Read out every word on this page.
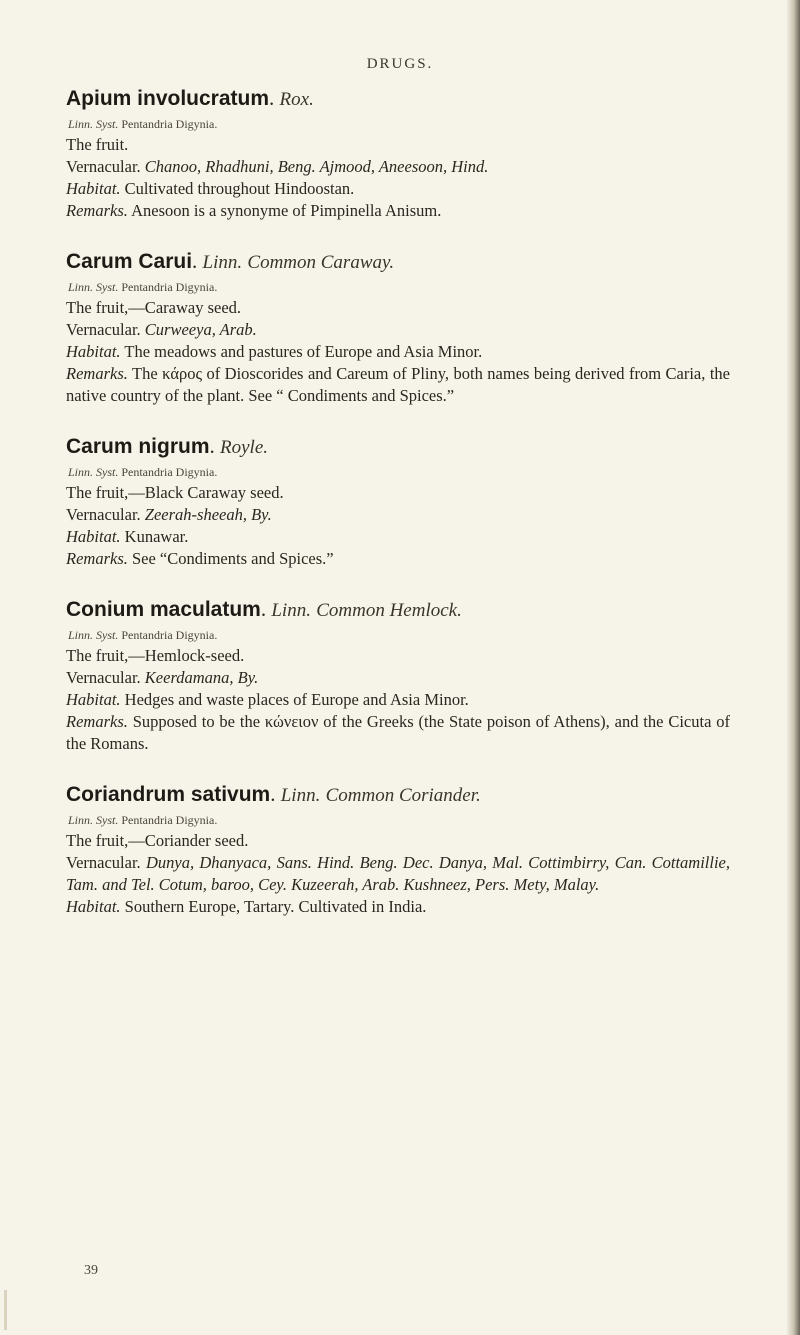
DRUGS.
Apium involucratum. Rox.
Linn. Syst. Pentandria Digynia.
The fruit.
Vernacular. Chanoo, Rhadhuni, Beng. Ajmood, Aneesoon, Hind.
Habitat. Cultivated throughout Hindoostan.
Remarks. Anesoon is a synonyme of Pimpinella Anisum.
Carum Carui. Linn. Common Caraway.
Linn. Syst. Pentandria Digynia.
The fruit,—Caraway seed.
Vernacular. Curweeya, Arab.
Habitat. The meadows and pastures of Europe and Asia Minor.
Remarks. The κάρος of Dioscorides and Careum of Pliny, both names being derived from Caria, the native country of the plant. See “ Condiments and Spices.”
Carum nigrum. Royle.
Linn. Syst. Pentandria Digynia.
The fruit,—Black Caraway seed.
Vernacular. Zeerah-sheeah, By.
Habitat. Kunawar.
Remarks. See “Condiments and Spices.”
Conium maculatum. Linn. Common Hemlock.
Linn. Syst. Pentandria Digynia.
The fruit,—Hemlock-seed.
Vernacular. Keerdamana, By.
Habitat. Hedges and waste places of Europe and Asia Minor.
Remarks. Supposed to be the κώνειον of the Greeks (the State poison of Athens), and the Cicuta of the Romans.
Coriandrum sativum. Linn. Common Coriander.
Linn. Syst. Pentandria Digynia.
The fruit,—Coriander seed.
Vernacular. Dunya, Dhanyaca, Sans. Hind. Beng. Dec. Danya, Mal. Cottimbirry, Can. Cottamillie, Tam. and Tel. Cotum, baroo, Cey. Kuzeerah, Arab. Kushneez, Pers. Mety, Malay.
Habitat. Southern Europe, Tartary. Cultivated in India.
39
